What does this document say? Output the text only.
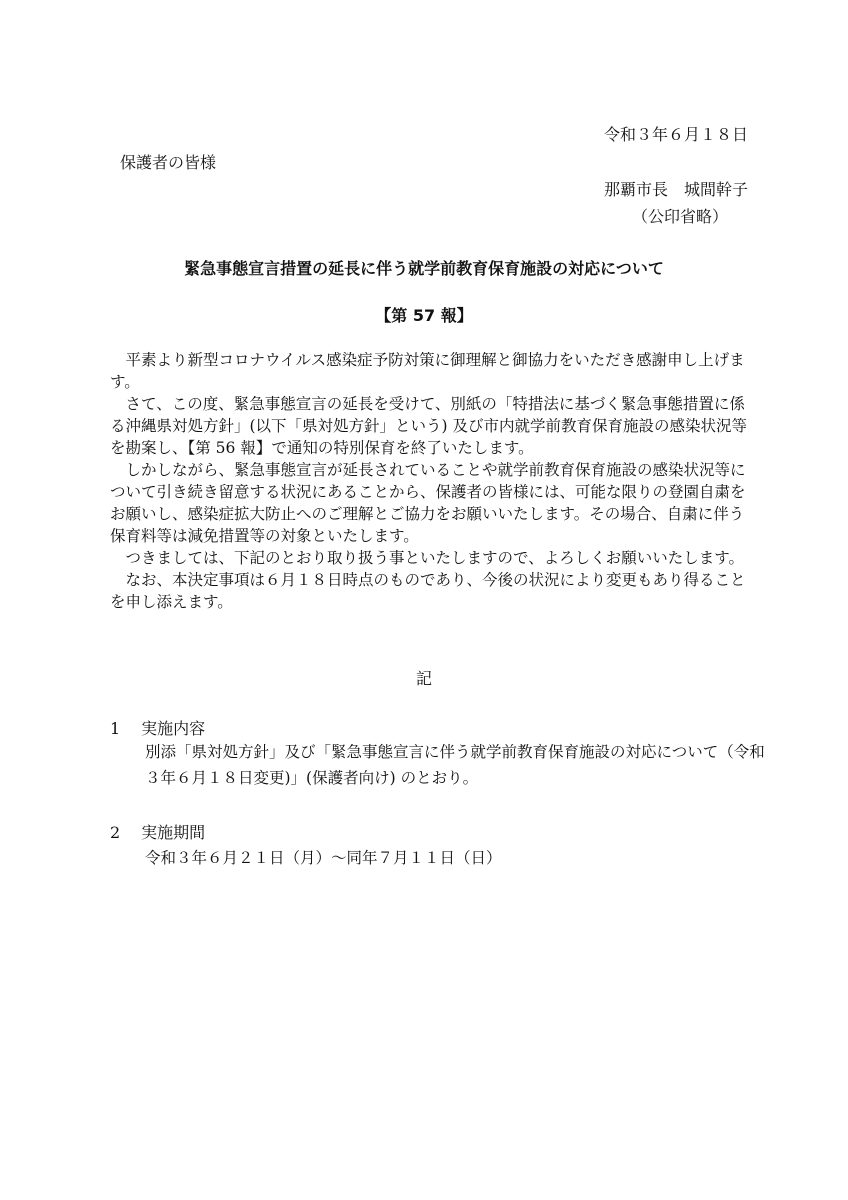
令和３年６月１８日
保護者の皆様
那覇市長　城間幹子
（公印省略）
緊急事態宣言措置の延長に伴う就学前教育保育施設の対応について
【第 57 報】

平素より新型コロナウイルス感染症予防対策に御理解と御協力をいただき感謝申し上げます。

さて、この度、緊急事態宣言の延長を受けて、別紙の「特措法に基づく緊急事態措置に係る沖縄県対処方針」(以下「県対処方針」という) 及び市内就学前教育保育施設の感染状況等を勘案し、【第 56 報】で通知の特別保育を終了いたします。

しかしながら、緊急事態宣言が延長されていることや就学前教育保育施設の感染状況等について引き続き留意する状況にあることから、保護者の皆様には、可能な限りの登園自粛をお願いし、感染症拡大防止へのご理解とご協力をお願いいたします。その場合、自粛に伴う保育料等は減免措置等の対象といたします。

つきましては、下記のとおり取り扱う事といたしますので、よろしくお願いいたします。

なお、本決定事項は６月１８日時点のものであり、今後の状況により変更もあり得ることを申し添えます。

記
1 実施内容
別添「県対処方針」及び「緊急事態宣言に伴う就学前教育保育施設の対応について（令和３年６月１８日変更)」(保護者向け) のとおり。
2 実施期間
令和３年６月２１日（月）〜同年７月１１日（日）
